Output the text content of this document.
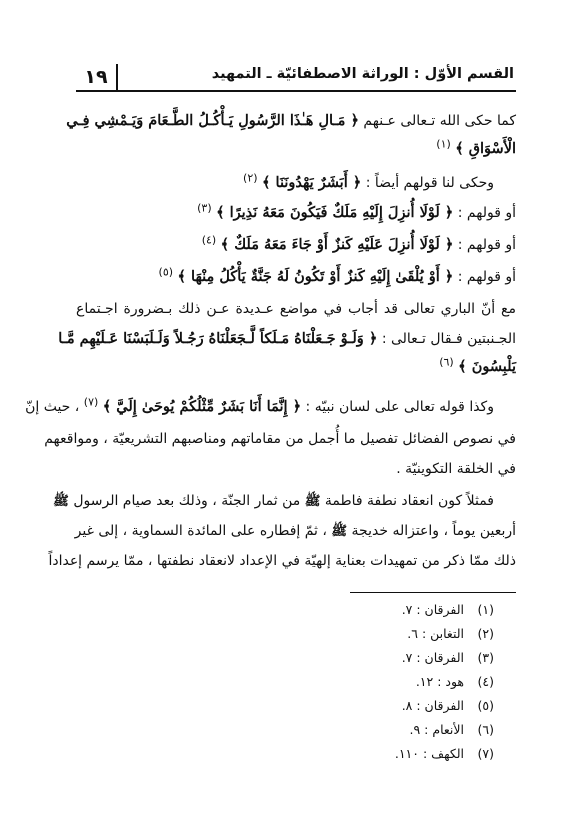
القسم الأوّل : الوراثة الاصطفائيّة ـ التمهيد
١٩
كما حكى الله تـعالى عـنهم ﴿ مَـالِ هَـٰذَا الرَّسُولِ يَـأْكُـلُ الطَّـعَامَ وَيَـمْشِي فِـي
الْأَسْوَاقِ ﴾ $^{(١)}$
وحكى لنا قولهم أيضاً : ﴿ أَبَشَرٌ يَهْدُونَنَا ﴾ $^{(٢)}$
أو قولهم : ﴿ لَوْلَا أُنزِلَ إِلَيْهِ مَلَكٌ فَيَكُونَ مَعَهُ نَذِيرًا ﴾ $^{(٣)}$
أو قولهم : ﴿ لَوْلَا أُنزِلَ عَلَيْهِ كَنزٌ أَوْ جَاءَ مَعَهُ مَلَكٌ ﴾ $^{(٤)}$
أو قولهم : ﴿ أَوْ يُلْقَىٰ إِلَيْهِ كَنزٌ أَوْ تَكُونُ لَهُ جَنَّةٌ يَأْكُلُ مِنْهَا ﴾ $^{(٥)}$
مع أنّ الباري تعالى قد أجاب في مواضع عـديدة عـن ذلك بـضرورة اجـتماع
الجـنبتين فـقال تـعالى : ﴿ وَلَـوْ جَـعَلْنَاهُ مَـلَكاً لَّـجَعَلْنَاهُ رَجُـلاً وَلَـلَبَسْنَا عَـلَيْهِم مَّـا
يَلْبِسُونَ ﴾ $^{(٦)}$
وكذا قوله تعالى على لسان نبيّه : ﴿ إِنَّمَا أَنَا بَشَرٌ مِّثْلُكُمْ يُوحَىٰ إِلَيَّ ﴾ $^{(٧)}$ ، حيث إنّ
في نصوص الفضائل تفصيل ما أُجمل من مقاماتهم ومناصبهم التشريعيّة ، ومواقعهم
في الخلقة التكوينيّة .
فمثلاً كون انعقاد نطفة فاطمة ﷺ من ثمار الجنّة ، وذلك بعد صيام الرسول ﷺ
أربعين يوماً ، واعتزاله خديجة ﷺ ، ثمّ إفطاره على المائدة السماوية ، إلى غير
ذلك ممّا ذكر من تمهيدات بعناية إلهيّة في الإعداد لانعقاد نطفتها ، ممّا يرسم إعداداً
(١) الفرقان : ٧.
(٢) التغابن : ٦.
(٣) الفرقان : ٧.
(٤) هود : ١٢.
(٥) الفرقان : ٨.
(٦) الأنعام : ٩.
(٧) الكهف : ١١٠.
